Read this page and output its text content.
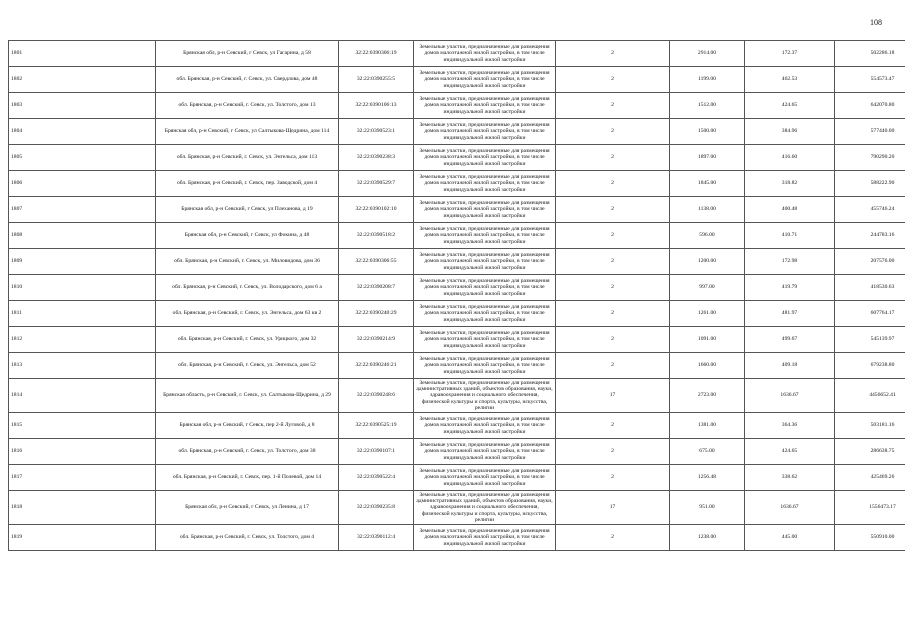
108
1801	Брянская обл, р-н Севский, г Севск, ул Гагарина, д 58	32:22:0390306:19	Земельные участки, предназначенные для размещения домов малоэтажной жилой застройки, в том числе индивидуальной жилой застройки	2	2914.00	172.37	502286.18
1802	обл. Брянская, р-н Севский, г. Севск, ул. Свердлова, дом 48	32:22:0390255:5	Земельные участки, предназначенные для размещения домов малоэтажной жилой застройки, в том числе индивидуальной жилой застройки	2	1199.00	462.53	554573.47
1803	обл. Брянская, р-н Севский, г. Севск, ул. Толстого, дом 13	32:22:0390106:13	Земельные участки, предназначенные для размещения домов малоэтажной жилой застройки, в том числе индивидуальной жилой застройки	2	1512.00	424.65	642070.80
1804	Брянская обл, р-н Севский, г Севск, ул Салтыкова-Щедрина, дом 114	32:22:0390523:1	Земельные участки, предназначенные для размещения домов малоэтажной жилой застройки, в том числе индивидуальной жилой застройки	2	1500.00	384.96	577440.00
1805	обл. Брянская, р-н Севский, г. Севск, ул. Энгельса, дом 113	32:22:0390238:3	Земельные участки, предназначенные для размещения домов малоэтажной жилой застройки, в том числе индивидуальной жилой застройки	2	1897.00	416.60	790290.20
1806	обл. Брянская, р-н Севский, г. Севск, пер. Заводской, дом 4	32:22:0390529:7	Земельные участки, предназначенные для размещения домов малоэтажной жилой застройки, в том числе индивидуальной жилой застройки	2	1845.00	318.82	588222.90
1807	Брянская обл, р-н Севский, г Севск, ул Плеханова, д 19	32:22:0390102:10	Земельные участки, предназначенные для размещения домов малоэтажной жилой застройки, в том числе индивидуальной жилой застройки	2	1138.00	400.48	455746.24
1808	Брянская обл, р-н Севский, г Севск, ул Фокина, д 48	32:22:0390518:2	Земельные участки, предназначенные для размещения домов малоэтажной жилой застройки, в том числе индивидуальной жилой застройки	2	596.00	410.71	244783.16
1809	обл. Брянская, р-н Севский, г. Севск, ул. Миловидова, дом 36	32:22:0390306:55	Земельные участки, предназначенные для размещения домов малоэтажной жилой застройки, в том числе индивидуальной жилой застройки	2	1200.00	172.98	207576.00
1810	обл. Брянская, р-н Севский, г. Севск, ул. Володарского, дом 6 а	32:22:0390208:7	Земельные участки, предназначенные для размещения домов малоэтажной жилой застройки, в том числе индивидуальной жилой застройки	2	997.00	419.79	418530.63
1811	обл. Брянская, р-н Севский, г. Севск, ул. Энгельса, дом 63 кв 2	32:22:0390240:29	Земельные участки, предназначенные для размещения домов малоэтажной жилой застройки, в том числе индивидуальной жилой застройки	2	1261.00	481.97	607764.17
1812	обл. Брянская, р-н Севский, г. Севск, ул. Урицкого, дом 32	32:22:0390214:9	Земельные участки, предназначенные для размещения домов малоэтажной жилой застройки, в том числе индивидуальной жилой застройки	2	1091.00	499.67	545139.97
1813	обл. Брянская, р-н Севский, г. Севск, ул. Энгельса, дом 52	32:22:0390246:21	Земельные участки, предназначенные для размещения домов малоэтажной жилой застройки, в том числе индивидуальной жилой застройки	2	1660.00	409.18	679238.80
1814	Брянская область, р-н Севский, г. Севск, ул. Салтыкова-Щедрина, д 29	32:22:0390248:6	Земельные участки, предназначенные для размещения административных зданий, объектов образования, науки, здравоохранения и социального обеспечения, физической культуры и спорта, культуры, искусства, религии	17	2723.00	1636.67	4456652.41
1815	Брянская обл, р-н Севский, г Севск, пер 2-й Луговой, д 8	32:22:0390525:19	Земельные участки, предназначенные для размещения домов малоэтажной жилой застройки, в том числе индивидуальной жилой застройки	2	1381.00	364.36	503181.16
1816	обл. Брянская, р-н Севский, г. Севск, ул. Толстого, дом 38	32:22:0390107:1	Земельные участки, предназначенные для размещения домов малоэтажной жилой застройки, в том числе индивидуальной жилой застройки	2	675.00	424.65	286638.75
1817	обл. Брянская, р-н Севский, г. Севск, пер. 1-й Полевой, дом 14	32:22:0390522:4	Земельные участки, предназначенные для размещения домов малоэтажной жилой застройки, в том числе индивидуальной жилой застройки	2	1256.48	338.62	425469.26
1818	Брянская обл, р-н Севский, г Севск, ул Ленина, д 17	32:22:0390235:8	Земельные участки, предназначенные для размещения административных зданий, объектов образования, науки, здравоохранения и социального обеспечения, физической культуры и спорта, культуры, искусства, религии	17	951.00	1636.67	1556473.17
1819	обл. Брянская, р-н Севский, г. Севск, ул. Толстого, дом 4	32:22:0390112:4	Земельные участки, предназначенные для размещения домов малоэтажной жилой застройки, в том числе индивидуальной жилой застройки	2	1238.00	445.00	550910.00
